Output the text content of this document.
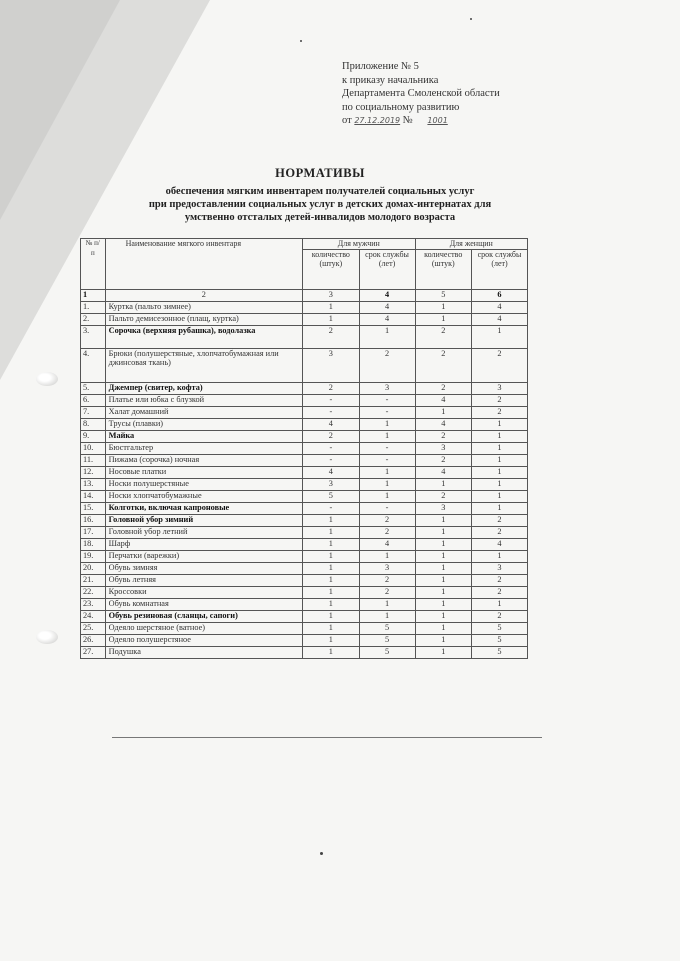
Приложение № 5
к приказу начальника
Департамента Смоленской области
по социальному развитию
от 27.12.2019 № 1001
НОРМАТИВЫ
обеспечения мягким инвентарем получателей социальных услуг
при предоставлении социальных услуг в детских домах-интернатах для
умственно отсталых детей-инвалидов молодого возраста
№ п/п	Наименование мягкого инвентаря	Для мужчин		Для женщин	
		количество (штук)	срок службы (лет)	количество (штук)	срок службы (лет)
1	2	3	4	5	6
1.	Куртка (пальто зимнее)	1	4	1	4
2.	Пальто демисезонное (плащ, куртка)	1	4	1	4
3.	Сорочка (верхняя рубашка), водолазка	2	1	2	1
4.	Брюки (полушерстяные, хлопчатобумажная или джинсовая ткань)	3	2	2	2
5.	Джемпер (свитер, кофта)	2	3	2	3
6.	Платье или юбка с блузкой	-	-	4	2
7.	Халат домашний	-	-	1	2
8.	Трусы (плавки)	4	1	4	1
9.	Майка	2	1	2	1
10.	Бюстгальтер	-	-	3	1
11.	Пижама (сорочка) ночная	-	-	2	1
12.	Носовые платки	4	1	4	1
13.	Носки полушерстяные	3	1	1	1
14.	Носки хлопчатобумажные	5	1	2	1
15.	Колготки, включая капроновые	-	-	3	1
16.	Головной убор зимний	1	2	1	2
17.	Головной убор летний	1	2	1	2
18.	Шарф	1	4	1	4
19.	Перчатки (варежки)	1	1	1	1
20.	Обувь зимняя	1	3	1	3
21.	Обувь летняя	1	2	1	2
22.	Кроссовки	1	2	1	2
23.	Обувь комнатная	1	1	1	1
24.	Обувь резиновая (сланцы, сапоги)	1	1	1	2
25.	Одеяло шерстяное (ватное)	1	5	1	5
26.	Одеяло полушерстяное	1	5	1	5
27.	Подушка	1	5	1	5
